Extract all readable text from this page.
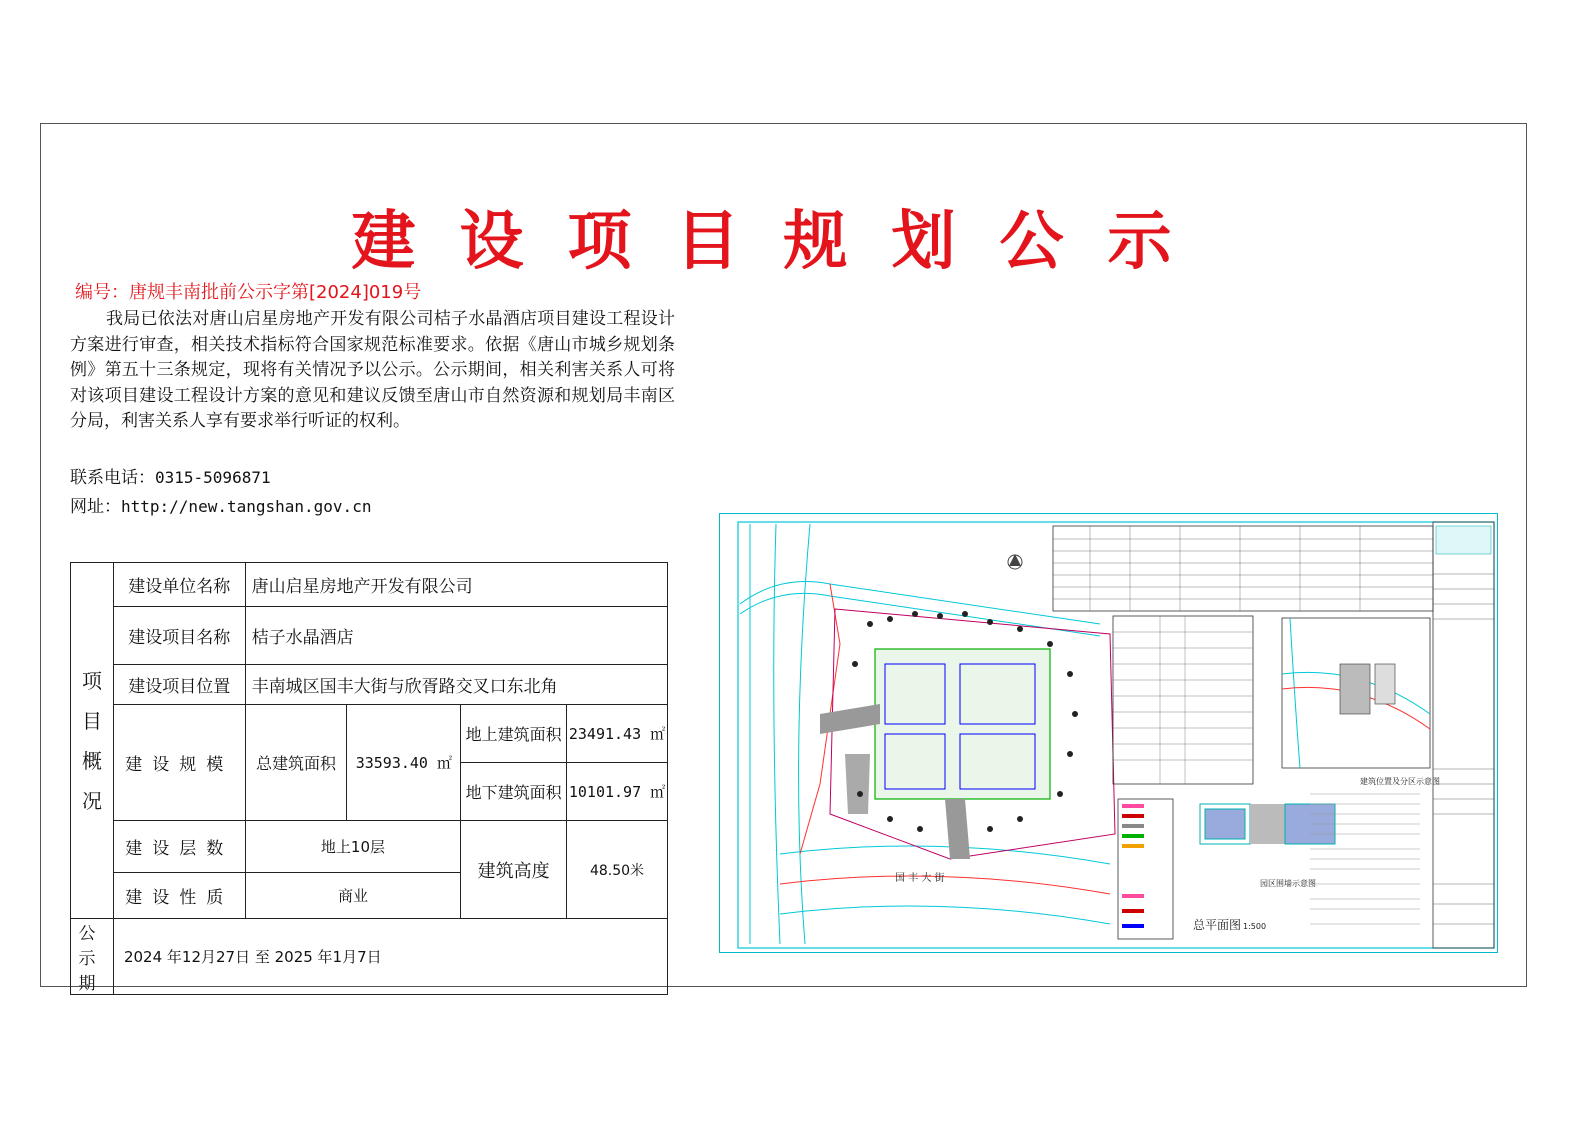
建设项目规划公示
编号：唐规丰南批前公示字第[2024]019号
我局已依法对唐山启星房地产开发有限公司桔子水晶酒店项目建设工程设计方案进行审查，相关技术指标符合国家规范标准要求。依据《唐山市城乡规划条例》第五十三条规定，现将有关情况予以公示。公示期间，相关利害关系人可将对该项目建设工程设计方案的意见和建议反馈至唐山市自然资源和规划局丰南区分局，利害关系人享有要求举行听证的权利。
联系电话：0315-5096871
网址：http://new.tangshan.gov.cn
项目概况	建设单位名称	唐山启星房地产开发有限公司			
	建设项目名称	桔子水晶酒店			
	建设项目位置	丰南城区国丰大街与欣胥路交叉口东北角			
	建设规模	总建筑面积	33593.40 ㎡	地上建筑面积	23491.43 ㎡
				地下建筑面积	10101.97 ㎡
	建设层数	地上10层		建筑高度	48.50米
	建设性质	商业			
公示期	2024 年12月27日 至 2025 年1月7日				
国 丰 大 街
建筑位置及分区示意图
园区围墙示意图
总平面图 1:500
